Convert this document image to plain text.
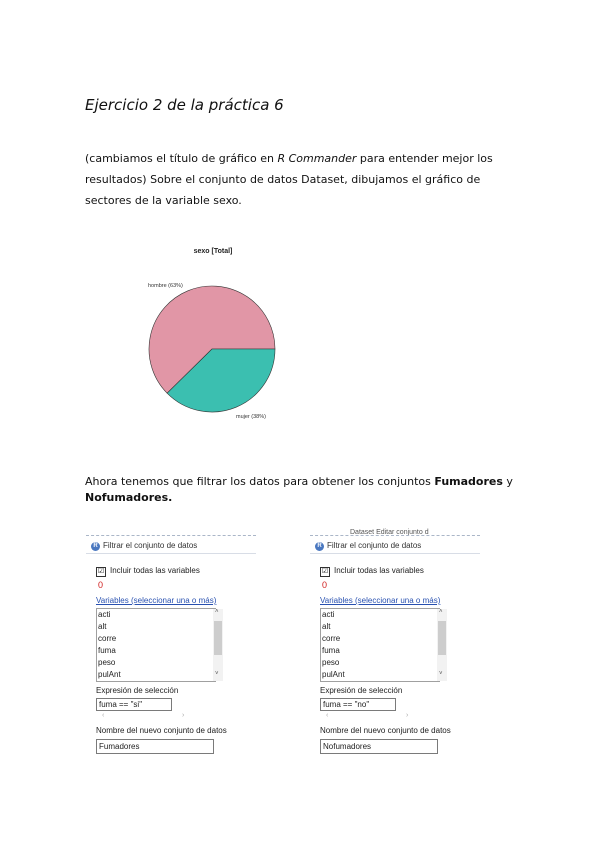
Ejercicio 2 de la práctica 6
(cambiamos el título de gráfico en R Commander para entender mejor los resultados) Sobre el conjunto de datos Dataset, dibujamos el gráfico de sectores de la variable sexo.
sexo [Total]
hombre (63%)
mujer (38%)
Ahora tenemos que filtrar los datos para obtener los conjuntos Fumadores y Nofumadores.
R Filtrar el conjunto de datos
☑ Incluir todas las variables
0
Variables (seleccionar una o más)
acti
alt
corre
fuma
peso
pulAnt
˄
˅
Expresión de selección
fuma == "si"
‹	›
Nombre del nuevo conjunto de datos
Fumadores
Dataset Editar conjunto d
R Filtrar el conjunto de datos
☑ Incluir todas las variables
0
Variables (seleccionar una o más)
acti
alt
corre
fuma
peso
pulAnt
˄
˅
Expresión de selección
fuma == "no"
‹	›
Nombre del nuevo conjunto de datos
Nofumadores
